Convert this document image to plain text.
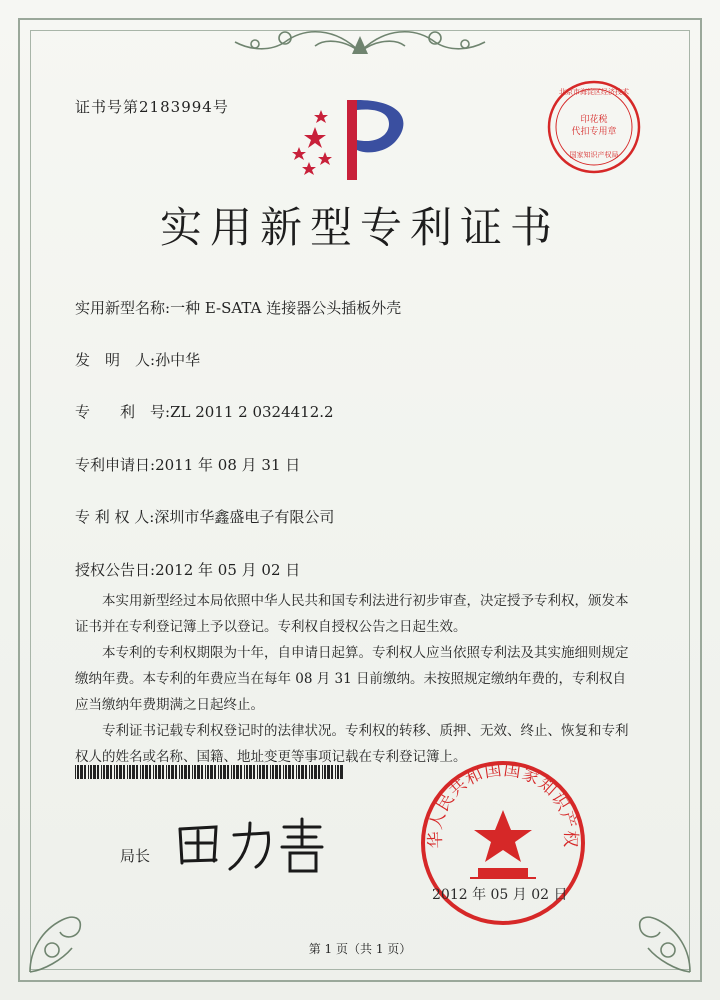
证书号第2183994号
北京市海淀区经济技术
印花税
代扣专用章
国家知识产权局
实用新型专利证书
实用新型名称:一种 E-SATA 连接器公头插板外壳
发　明　人:孙中华
专　　利　号:ZL 2011 2 0324412.2
专利申请日:2011 年 08 月 31 日
专 利 权 人:深圳市华鑫盛电子有限公司
授权公告日:2012 年 05 月 02 日

本实用新型经过本局依照中华人民共和国专利法进行初步审查，决定授予专利权，颁发本证书并在专利登记簿上予以登记。专利权自授权公告之日起生效。

本专利的专利权期限为十年，自申请日起算。专利权人应当依照专利法及其实施细则规定缴纳年费。本专利的年费应当在每年 08 月 31 日前缴纳。未按照规定缴纳年费的，专利权自应当缴纳年费期满之日起终止。

专利证书记载专利权登记时的法律状况。专利权的转移、质押、无效、终止、恢复和专利权人的姓名或名称、国籍、地址变更等事项记载在专利登记簿上。

局长
华人民共和国国家知识产权
2012 年 05 月 02 日
第 1 页（共 1 页）
